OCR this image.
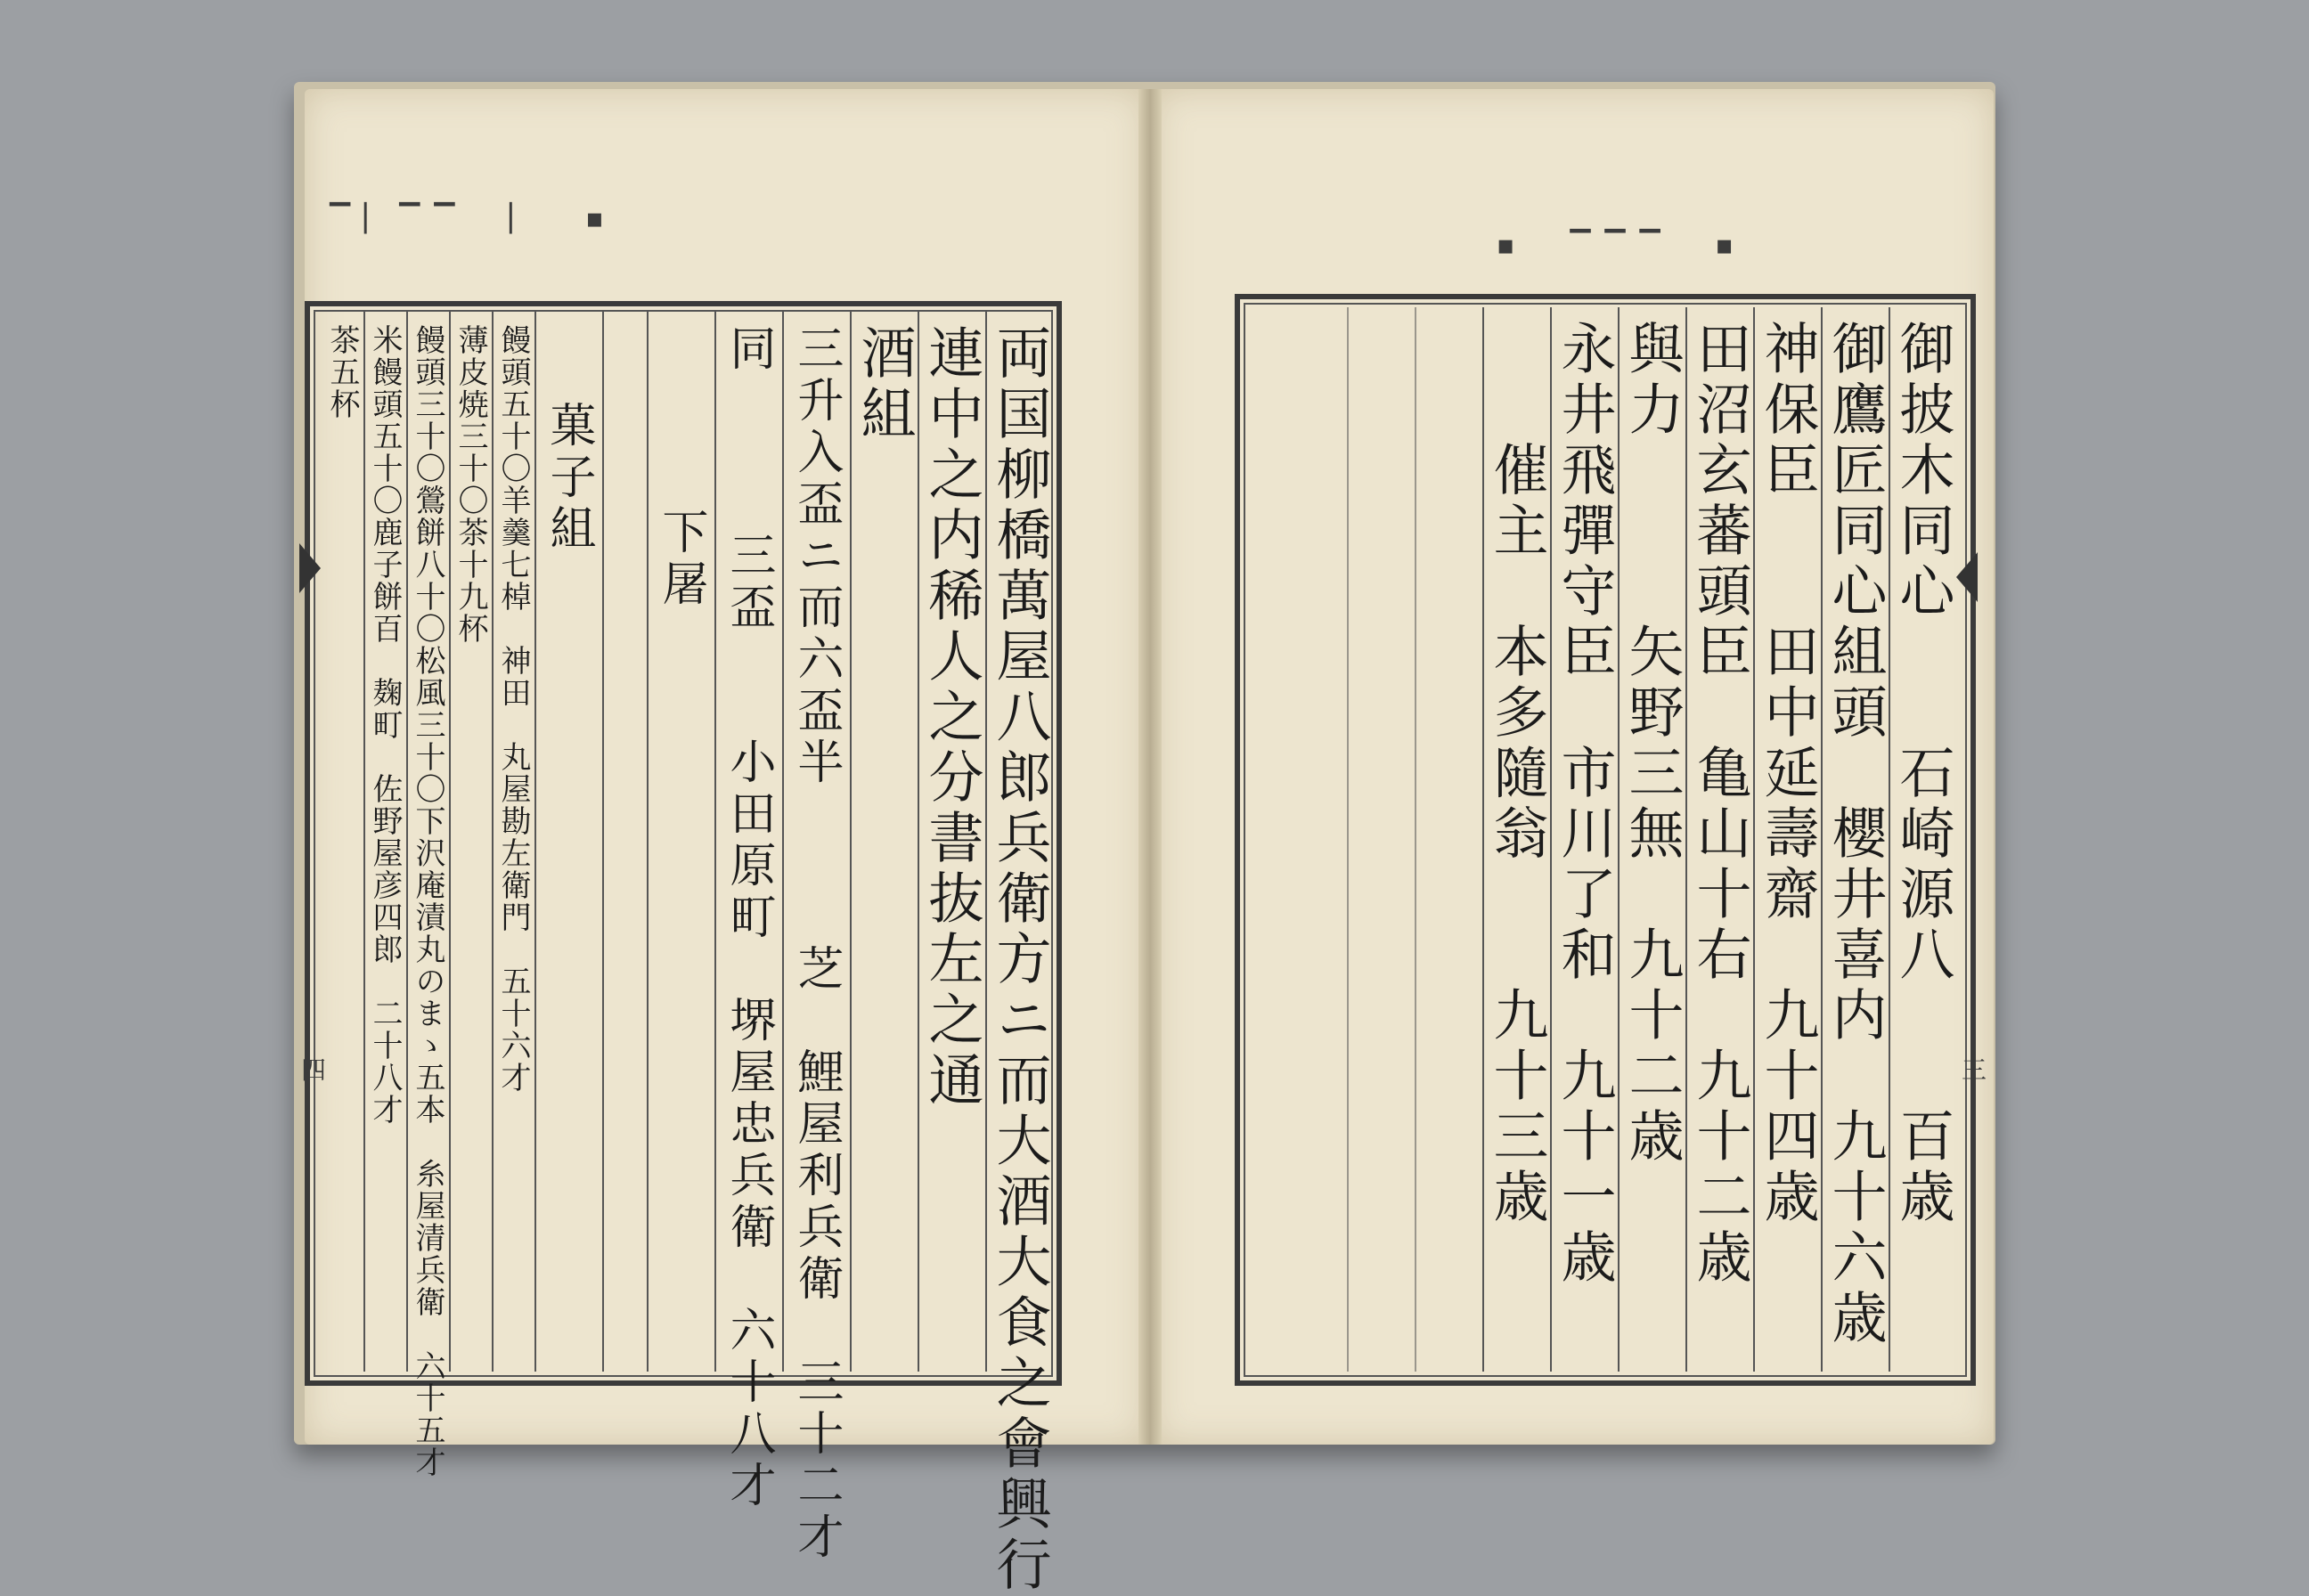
▔▏▔▔　▏　▪
▪　▔▔▔　▪
両国柳橋萬屋八郎兵衛方ニ而大酒大食之會興行
連中之内稀人之分書抜左之通
酒組
三升入盃ニ而六盃半　　　芝　鯉屋利兵衛　三十二才
同　　　三盃　　小田原町　堺屋忠兵衛　六十八才
下屠
菓子組
饅頭五十〇羊羹七棹　神田　丸屋勘左衛門　五十六才
薄皮焼三十〇茶十九杯
饅頭三十〇鶯餅八十〇松風三十〇下沢庵漬丸のまゝ五本　糸屋清兵衛　六十五才
米饅頭五十〇鹿子餅百　麹町　佐野屋彦四郎　二十八才
茶五杯
四	御披木同心　　石崎源八　　百歳
御鷹匠同心組頭　櫻井喜内　九十六歳
神保臣　　田中延壽齋　九十四歳
田沼玄蕃頭臣　亀山十右　九十二歳
與力　　　矢野三無　九十二歳
永井飛彈守臣　市川了和　九十一歳
　　催主　本多隨翁　　九十三歳	三
